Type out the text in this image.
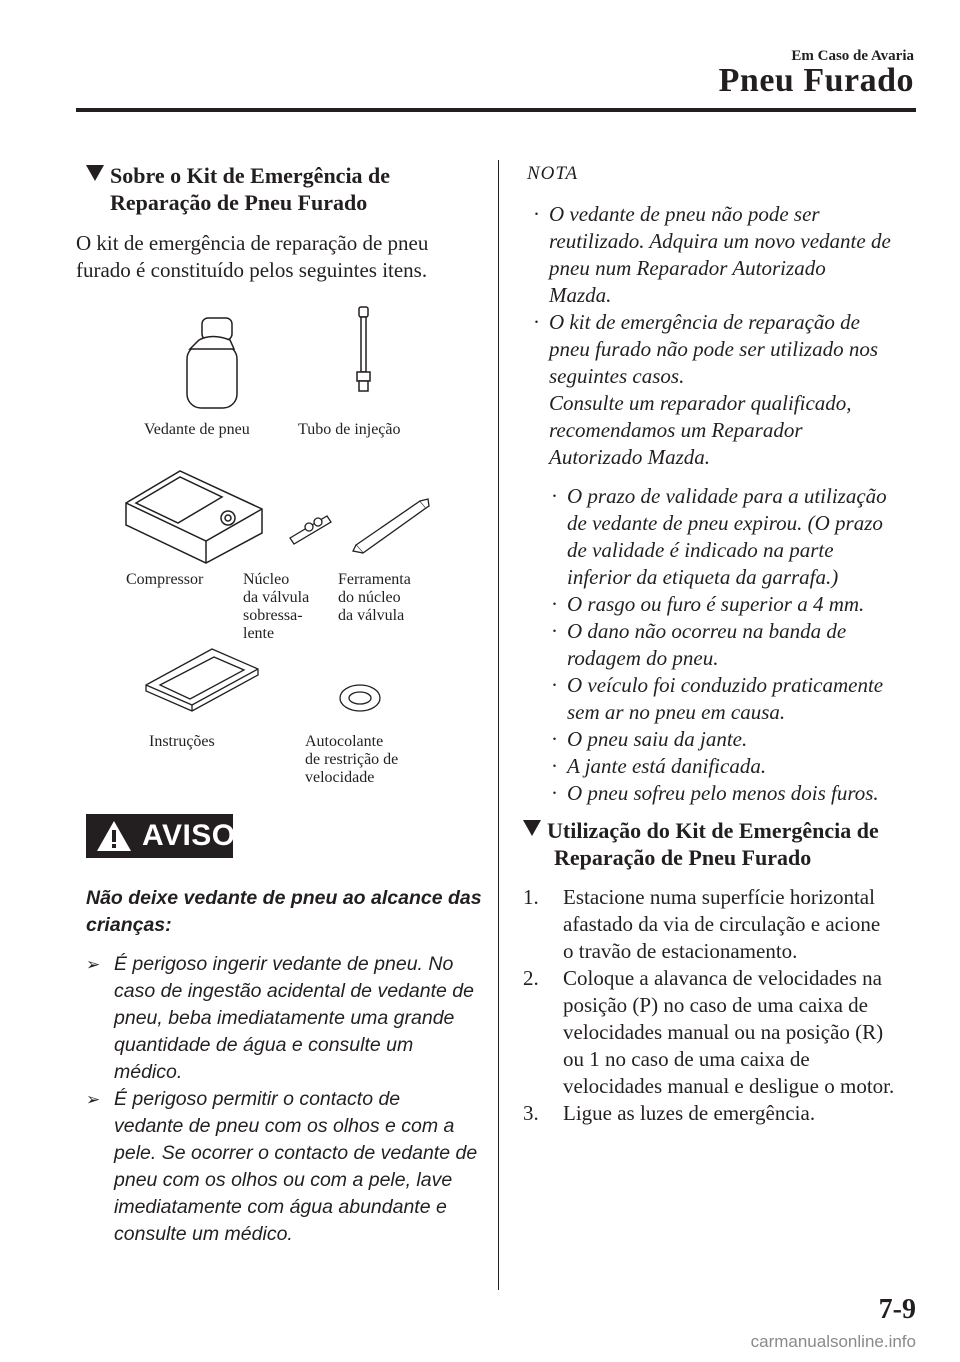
Em Caso de Avaria
Pneu Furado
Sobre o Kit de Emergência de
Reparação de Pneu Furado
O kit de emergência de reparação de pneu
furado é constituído pelos seguintes itens.
Vedante de pneu	Tubo de injeção
Compressor Núcleo
da válvula
sobressa-
lente
Ferramenta
do núcleo
da válvula
Instruções	Autocolante
de restrição de
velocidade
AVISO
Não deixe vedante de pneu ao alcance das
crianças:
➢ É perigoso ingerir vedante de pneu. No
caso de ingestão acidental de vedante de
pneu, beba imediatamente uma grande
quantidade de água e consulte um
médico.
➢ É perigoso permitir o contacto de
vedante de pneu com os olhos e com a
pele. Se ocorrer o contacto de vedante de
pneu com os olhos ou com a pele, lave
imediatamente com água abundante e
consulte um médico.
NOTA
· O vedante de pneu não pode ser
reutilizado. Adquira um novo vedante de
pneu num Reparador Autorizado
Mazda.
· O kit de emergência de reparação de
pneu furado não pode ser utilizado nos
seguintes casos.
Consulte um reparador qualificado,
recomendamos um Reparador
Autorizado Mazda.
· O prazo de validade para a utilização
de vedante de pneu expirou. (O prazo
de validade é indicado na parte
inferior da etiqueta da garrafa.)
· O rasgo ou furo é superior a 4 mm.
· O dano não ocorreu na banda de
rodagem do pneu.
· O veículo foi conduzido praticamente
sem ar no pneu em causa.
· O pneu saiu da jante.
· A jante está danificada.
· O pneu sofreu pelo menos dois furos.
Utilização do Kit de Emergência de
Reparação de Pneu Furado
1. Estacione numa superfície horizontal
afastado da via de circulação e acione
o travão de estacionamento.
2. Coloque a alavanca de velocidades na
posição (P) no caso de uma caixa de
velocidades manual ou na posição (R)
ou 1 no caso de uma caixa de
velocidades manual e desligue o motor.
3. Ligue as luzes de emergência.
7-9
carmanualsonline.info
